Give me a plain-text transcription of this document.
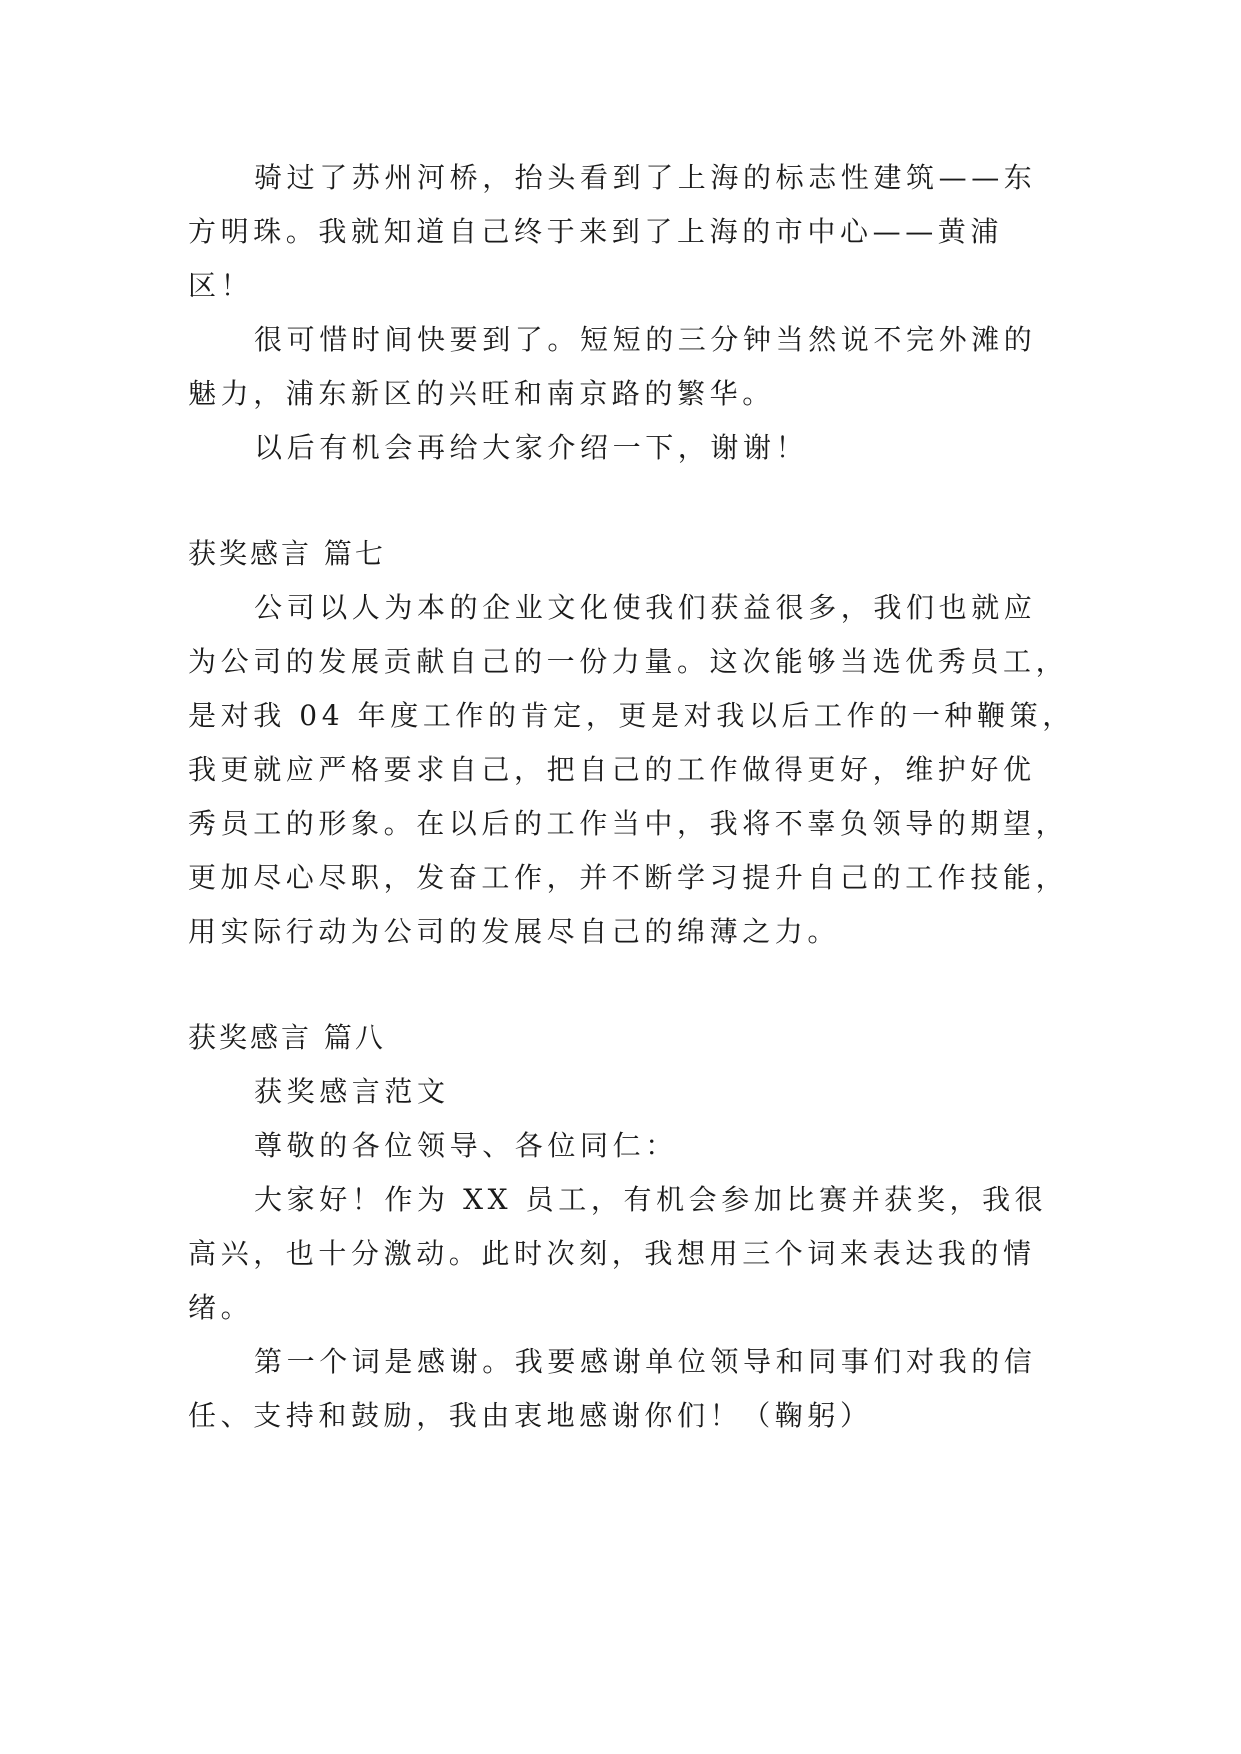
骑过了苏州河桥，抬头看到了上海的标志性建筑——东
方明珠。我就知道自己终于来到了上海的市中心——黄浦
区！
很可惜时间快要到了。短短的三分钟当然说不完外滩的
魅力，浦东新区的兴旺和南京路的繁华。
以后有机会再给大家介绍一下，谢谢！
获奖感言 篇七
公司以人为本的企业文化使我们获益很多，我们也就应
为公司的发展贡献自己的一份力量。这次能够当选优秀员工，
是对我 04 年度工作的肯定，更是对我以后工作的一种鞭策，
我更就应严格要求自己，把自己的工作做得更好，维护好优
秀员工的形象。在以后的工作当中，我将不辜负领导的期望，
更加尽心尽职，发奋工作，并不断学习提升自己的工作技能，
用实际行动为公司的发展尽自己的绵薄之力。
获奖感言 篇八
获奖感言范文
尊敬的各位领导、各位同仁：
大家好！作为 XX 员工，有机会参加比赛并获奖，我很
高兴，也十分激动。此时次刻，我想用三个词来表达我的情
绪。
第一个词是感谢。我要感谢单位领导和同事们对我的信
任、支持和鼓励，我由衷地感谢你们！（鞠躬）
